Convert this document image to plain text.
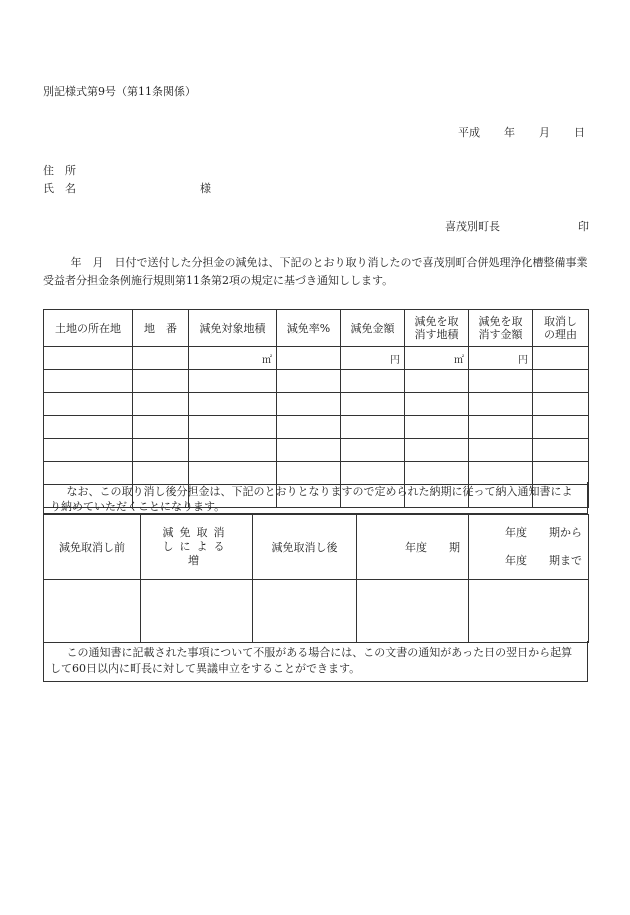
別記様式第9号（第11条関係）
平成 年 月 日
住　所
氏　名	様
喜茂別町長	印
年　月　日付で送付した分担金の減免は、下記のとおり取り消したので喜茂別町合併処理浄化槽整備事業受益者分担金条例施行規則第11条第2項の規定に基づき通知しします。
土地の所在地	地　番	減免対象地積	減免率%	減免金額	減免を取消す地積	減免を取消す金額	取消しの理由
		㎡		円	㎡	円	

なお、この取り消し後分担金は、下記のとおりとなりますので定められた納期に従って納入通知書により納めていただくことになります。
減免取消し前	減免取消しによる増	減免取消し後	年度　　期	年度　　期から
年度　　期まで

この通知書に記載された事項について不服がある場合には、この文書の通知があった日の翌日から起算して60日以内に町長に対して異議申立をすることができます。
